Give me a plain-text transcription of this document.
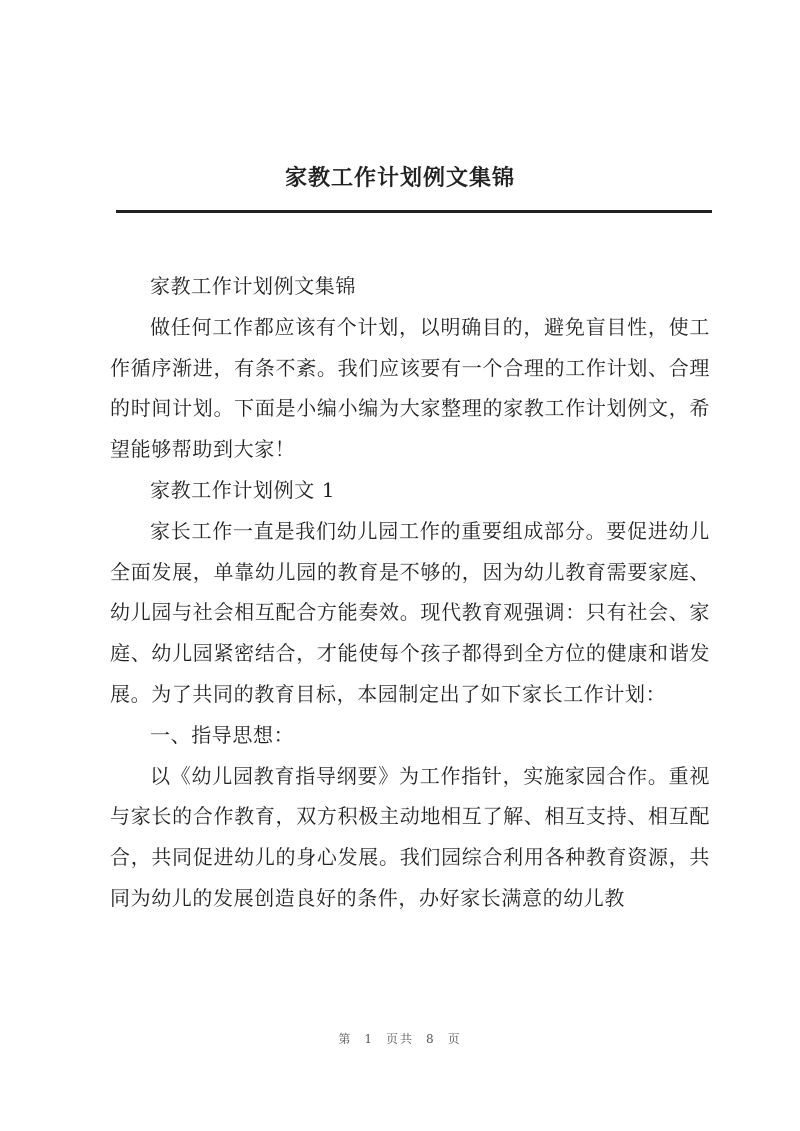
家教工作计划例文集锦

家教工作计划例文集锦

做任何工作都应该有个计划，以明确目的，避免盲目性，使工作循序渐进，有条不紊。我们应该要有一个合理的工作计划、合理的时间计划。下面是小编小编为大家整理的家教工作计划例文，希望能够帮助到大家！

家教工作计划例文 1

家长工作一直是我们幼儿园工作的重要组成部分。要促进幼儿全面发展，单靠幼儿园的教育是不够的，因为幼儿教育需要家庭、幼儿园与社会相互配合方能奏效。现代教育观强调：只有社会、家庭、幼儿园紧密结合，才能使每个孩子都得到全方位的健康和谐发展。为了共同的教育目标，本园制定出了如下家长工作计划：

一、指导思想：

以《幼儿园教育指导纲要》为工作指针，实施家园合作。重视与家长的合作教育，双方积极主动地相互了解、相互支持、相互配合，共同促进幼儿的身心发展。我们园综合利用各种教育资源，共同为幼儿的发展创造良好的条件，办好家长满意的幼儿教

第 1 页共 8 页
